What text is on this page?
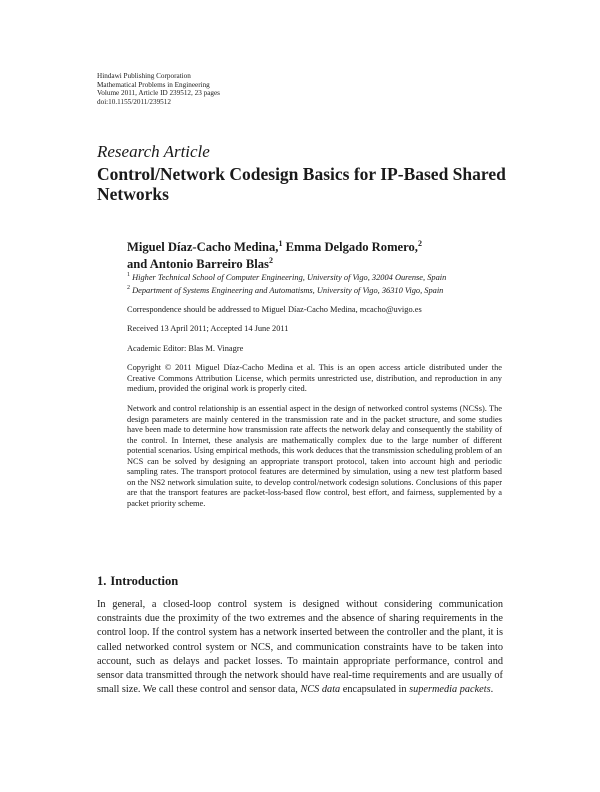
Hindawi Publishing Corporation
Mathematical Problems in Engineering
Volume 2011, Article ID 239512, 23 pages
doi:10.1155/2011/239512
Research Article
Control/Network Codesign Basics for IP-Based Shared Networks
Miguel Díaz-Cacho Medina,$^1$ Emma Delgado Romero,$^2$
and Antonio Barreiro Blas$^2$
$^1$ Higher Technical School of Computer Engineering, University of Vigo, 32004 Ourense, Spain
$^2$ Department of Systems Engineering and Automatisms, University of Vigo, 36310 Vigo, Spain
Correspondence should be addressed to Miguel Díaz-Cacho Medina, mcacho@uvigo.es
Received 13 April 2011; Accepted 14 June 2011
Academic Editor: Blas M. Vinagre
Copyright © 2011 Miguel Díaz-Cacho Medina et al. This is an open access article distributed under the Creative Commons Attribution License, which permits unrestricted use, distribution, and reproduction in any medium, provided the original work is properly cited.
Network and control relationship is an essential aspect in the design of networked control systems (NCSs). The design parameters are mainly centered in the transmission rate and in the packet structure, and some studies have been made to determine how transmission rate affects the network delay and consequently the stability of the control. In Internet, these analysis are mathematically complex due to the large number of different potential scenarios. Using empirical methods, this work deduces that the transmission scheduling problem of an NCS can be solved by designing an appropriate transport protocol, taken into account high and periodic sampling rates. The transport protocol features are determined by simulation, using a new test platform based on the NS2 network simulation suite, to develop control/network codesign solutions. Conclusions of this paper are that the transport features are packet-loss-based flow control, best effort, and fairness, supplemented by a packet priority scheme.
1. Introduction
In general, a closed-loop control system is designed without considering communication constraints due the proximity of the two extremes and the absence of sharing requirements in the control loop. If the control system has a network inserted between the controller and the plant, it is called networked control system or NCS, and communication constraints have to be taken into account, such as delays and packet losses. To maintain appropriate performance, control and sensor data transmitted through the network should have real-time requirements and are usually of small size. We call these control and sensor data, NCS data encapsulated in supermedia packets.
